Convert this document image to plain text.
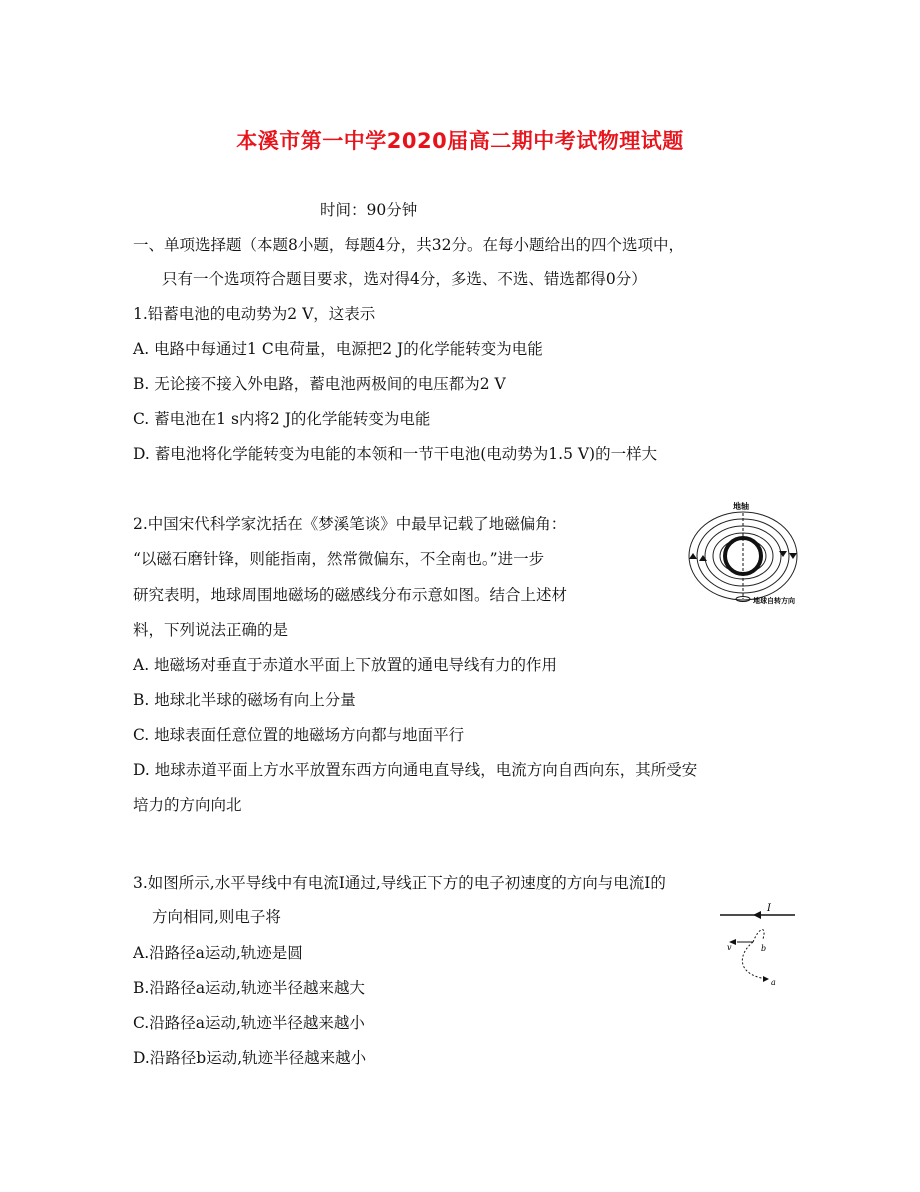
本溪市第一中学2020届高二期中考试物理试题
时间：90分钟
一、单项选择题（本题8小题，每题4分，共32分。在每小题给出的四个选项中，
只有一个选项符合题目要求，选对得4分，多选、不选、错选都得0分）
1.铅蓄电池的电动势为2 V，这表示
A. 电路中每通过1 C电荷量，电源把2 J的化学能转变为电能
B. 无论接不接入外电路，蓄电池两极间的电压都为2 V
C. 蓄电池在1 s内将2 J的化学能转变为电能
D. 蓄电池将化学能转变为电能的本领和一节干电池(电动势为1.5 V)的一样大
2.中国宋代科学家沈括在《梦溪笔谈》中最早记载了地磁偏角：
“以磁石磨针锋，则能指南，然常微偏东，不全南也。”进一步
研究表明，地球周围地磁场的磁感线分布示意如图。结合上述材
料，下列说法正确的是
A. 地磁场对垂直于赤道水平面上下放置的通电导线有力的作用
B. 地球北半球的磁场有向上分量
C. 地球表面任意位置的地磁场方向都与地面平行
D. 地球赤道平面上方水平放置东西方向通电直导线，电流方向自西向东，其所受安
培力的方向向北
地轴
地球自转方向
3.如图所示,水平导线中有电流I通过,导线正下方的电子初速度的方向与电流I的
方向相同,则电子将
A.沿路径a运动,轨迹是圆
B.沿路径a运动,轨迹半径越来越大
C.沿路径a运动,轨迹半径越来越小
D.沿路径b运动,轨迹半径越来越小
I
v	b
a
